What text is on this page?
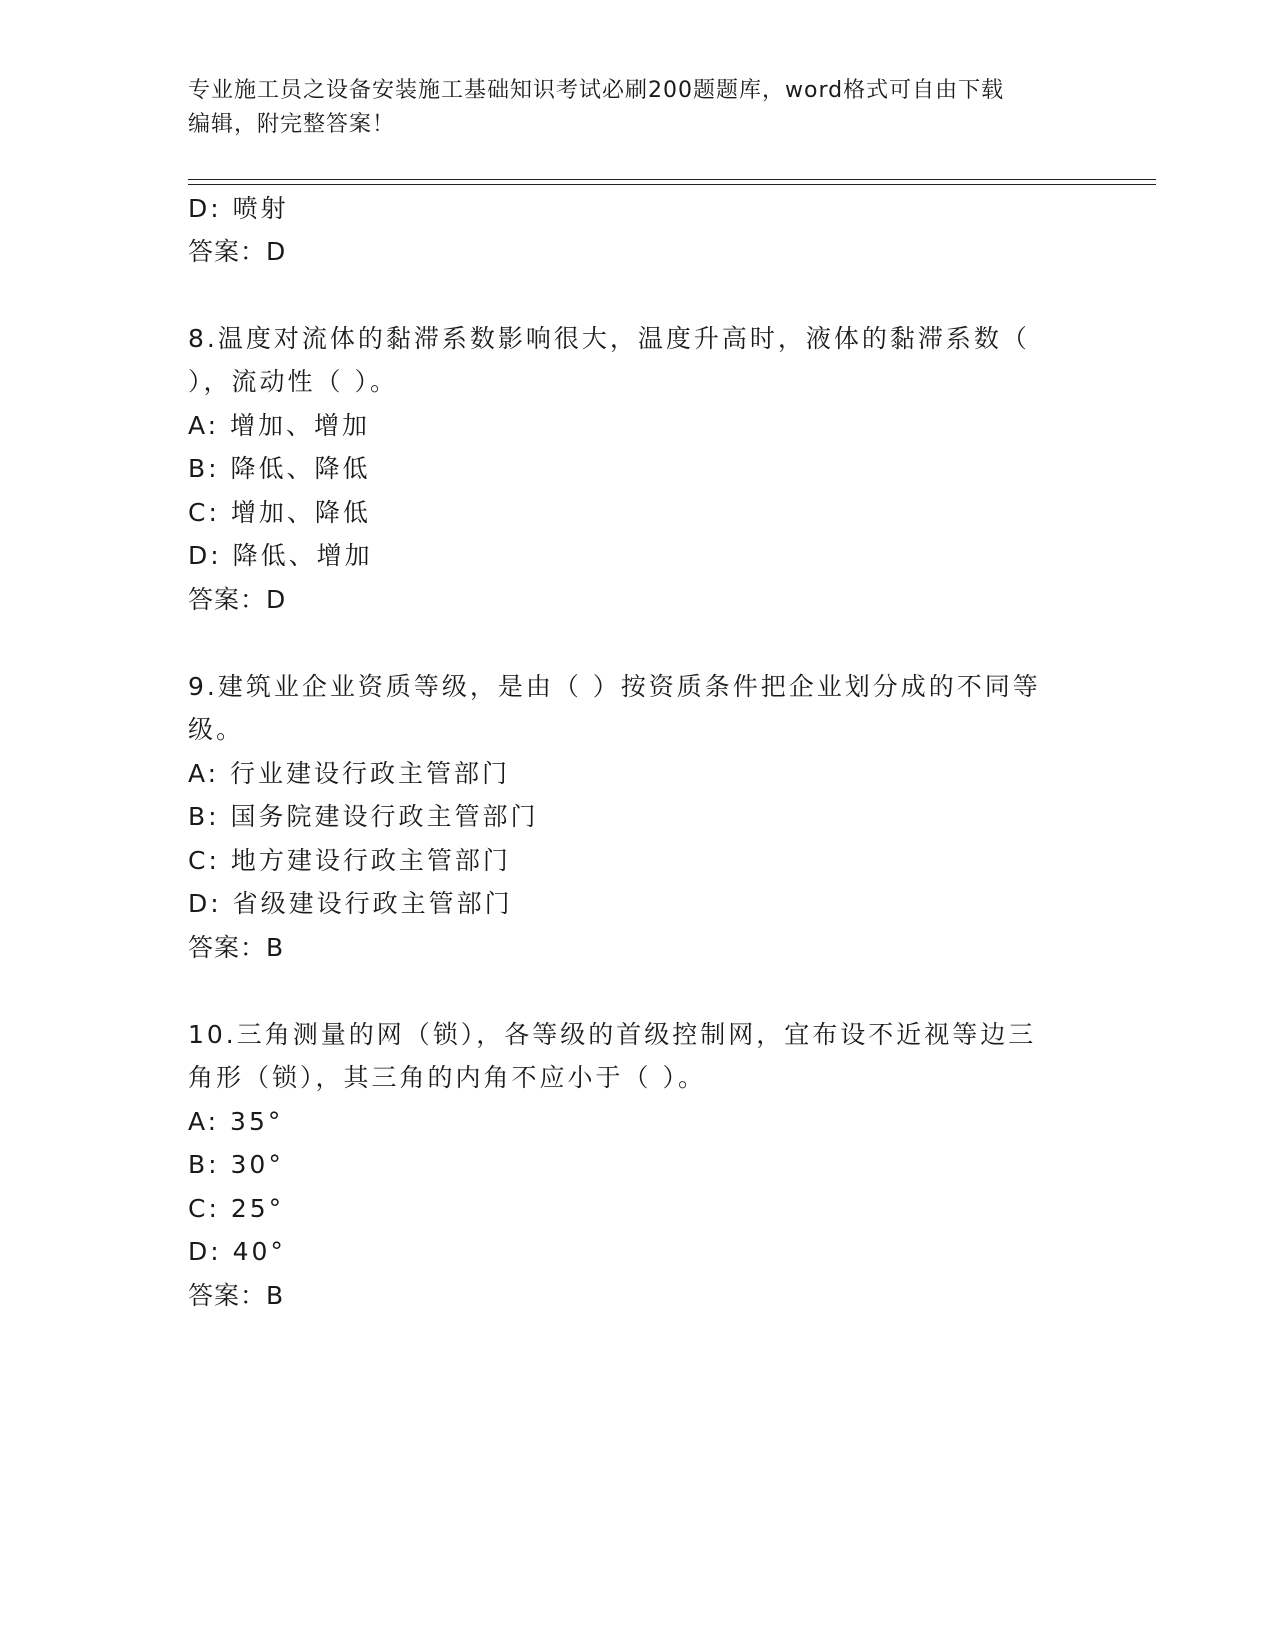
专业施工员之设备安装施工基础知识考试必刷200题题库，word格式可自由下载
编辑，附完整答案！
D: 喷射
答案：D
8.温度对流体的黏滞系数影响很大，温度升高时，液体的黏滞系数（
），流动性（ ）。
A: 增加、增加
B: 降低、降低
C: 增加、降低
D: 降低、增加
答案：D
9.建筑业企业资质等级，是由（ ）按资质条件把企业划分成的不同等
级。
A: 行业建设行政主管部门
B: 国务院建设行政主管部门
C: 地方建设行政主管部门
D: 省级建设行政主管部门
答案：B
10.三角测量的网（锁），各等级的首级控制网，宜布设不近视等边三
角形（锁），其三角的内角不应小于（ ）。
A: 35°
B: 30°
C: 25°
D: 40°
答案：B
